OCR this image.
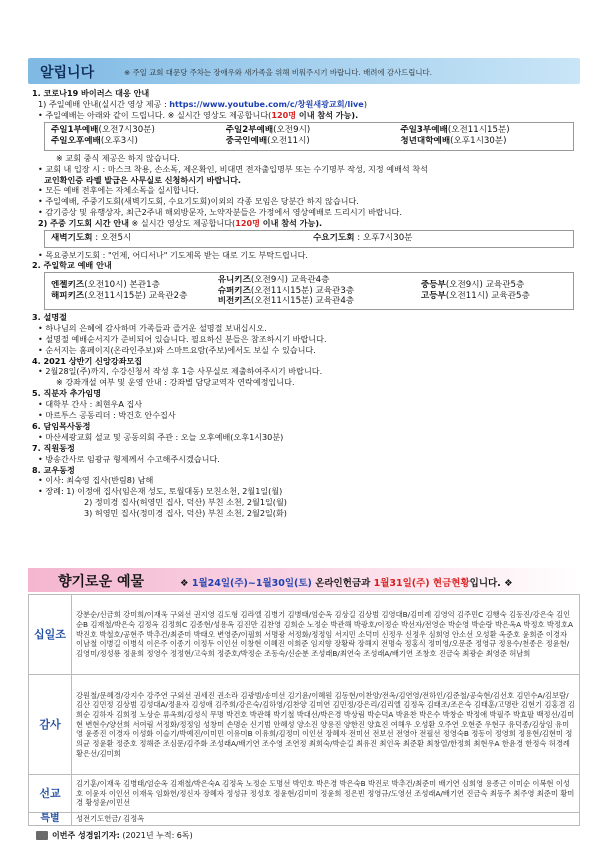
알립니다	※ 주일 교회 대문당 주차는 장애우와 새가족을 위해 비워주시기 바랍니다. 배려에 감사드립니다.
1. 코로나19 바이러스 대응 안내
1) 주일예배 안내(실시간 영상 제공 : https://www.youtube.com/c/창원새광교회/live)
• 주일예배는 아래와 같이 드립니다. ※ 실시간 영상도 제공합니다(120명 이내 참석 가능).
주일1부예배(오전7시30분)	주일2부예배(오전9시)	주일3부예배(오전11시15분)
주일오후예배(오후3시)	중국인예배(오전11시)	청년대학예배(오후1시30분)
※ 교회 중식 제공은 하지 않습니다.
• 교회 내 입장 시 : 마스크 착용, 손소독, 제온확인, 비대면 전자출입명부 또는 수기명부 작성, 지정 예배석 착석
교인확인증 라벨 발급은 사무실로 신청하시기 바랍니다.
• 모든 예배 전후에는 자체소독을 실시합니다.
• 주일예배, 주중기도회(새벽기도회, 수요기도회)이외의 각종 모임은 당분간 하지 않습니다.
• 감기증상 및 유행상자, 최근2주내 해외방문자, 노약자분들은 가정에서 영상예배로 드리시기 바랍니다.
2) 주중 기도회 시간 안내 ※ 실시간 영상도 제공합니다(120명 이내 참석 가능).
새벽기도회 : 오전5시	수요기도회 : 오후7시30분
• 목요중보기도회 : "언제, 어디서나" 기도제목 받는 대로 기도 부탁드립니다.
2. 주일학교 예배 안내
엔젤키즈(오전10시) 본관1층
해피키즈(오전11시15분) 교육관2층
유니키즈(오전9시) 교육관4층
슈퍼키즈(오전11시15분) 교육관3층
비전키즈(오전11시15분) 교육관4층
중등부(오전9시) 교육관5층
고등부(오전11시) 교육관5층
3. 설명절
• 하나님의 은혜에 감사하며 가족들과 즐거운 설명절 보내십시오.
• 설명절 예배순서지가 준비되어 있습니다. 필요하신 분들은 참조하시기 바랍니다.
• 순서지는 홈페이지(온라인주보)와 스마트요람(주보)에서도 보실 수 있습니다.
4. 2021 상반기 신앙강좌모집
• 2월28일(주)까지, 수강신청서 작성 후 1층 사무실로 제출하여주시기 바랍니다.
※ 강좌개설 여부 및 운영 안내 : 강좌별 담당교역자 연락예정입니다.
5. 직분자 추가임명
• 대학부 간사 : 최현우A 집사
• 마르투스 공동리더 : 박건호 안수집사
6. 담임목사동정
• 마산세광교회 설교 및 공동의회 주관 : 오늘 오후예배(오후1시30분)
7. 직원동정
• 방송간사로 임광규 형제께서 수고해주시겠습니다.
8. 교우동정
• 이사: 최숙영 집사(반림8) 남해
• 장례: 1) 이정애 집사(임은재 성도, 토월대동) 모친소천, 2월1일(월)
2) 정미경 집사(허영민 집사, 덕산) 부친 소천, 2월1일(월)
3) 허영민 집사(정미경 집사, 덕산) 부친 소천, 2월2일(화)
향기로운 예물	❖ 1월24일(주)~1월30일(토) 온라인헌금과 1월31일(주) 현금현황입니다. ❖
십일조	강분순/신금희 강미희/이재욱 구외선 권지영 김도형 김라엘 김병기 김병태/엄순옥 김상길 김상범 김영대B/김미례 김영익 김주민C 김행숙 김동진/강은숙 김인순B 김재철/박은숙 김정옥 김정희C 김종현/성용옥 김진만 김찬영 김희순 노정순 박관해 박광호/이정순 박선자/전영순 박순영 박순랑 박은옥A 박정호 박정호A 박진호 박철호/공현주 박추건/최준미 박태오 변영준/이필희 서명광 서정화/정정임 서지민 소덕미 신정우 신정우 심희영 안소선 오성환 옥준호 윤희준 이경자 이남철 이병길 이병석 이은주 이종기 이정두 이인선 이창현 이혜진 이희준 임지향 장황락 장해지 전명숙 정홍식 정미영/오문준 정영규 정용수/천종은 정윤현/김영미/정성룡 정윤희 정영수 정정현/고숙희 정준호/박정순 조동숙/신순분 조성래B/최연숙 조성래A/배기연 조창호 진금숙 최광순 최영준 허남희
감사	강원철/문혜경/강지수 강주연 구외선 권세진 권소라 김광범/송미선 김기윤/이혜원 김동현/이찬양/전옥/김연영/전하인/김준철/공숙현/김선호 김민수A/김보람/김산 김민정 김상범 김성대A/정윤자 김성애 김주희/강은숙/김하영/김찬양 김미연 김민정/강은리/김리엘 김정옥 김태조/조은숙 김태훈/고명란 김현기 김홍겸 김희순 김하자 김희정 노상순 류옥희/김성식 무명 박건호 박관해 박기철 박대선/박은경 박상림 박순덕A 박윤찬 박은수 박창순 박정애 박필주 박효팔 백정선/김미현 변현수/양선희 서여림 서정화/정정임 성창미 손명순 신기범 안혜성 양소진 양용진 양한진 양효진 여해우 오성환 오주연 오현준 우현구 유덕종/김상임 유미영 윤종진 이경자 이성화 이슬기/박예진/이미민 이유미B 이유희/김정미 이인선 장혜자 전미선 전보선 전영아 전필선 정영숙B 정동이 정영희 정용현/김현미 정의균 정윤환 정준호 정해준 조심문/김주화 조성래A/배기연 조수영 조연정 최희숙/박순길 최유진 최인옥 최준환 최창열/한정희 최현우A 한윤경 한정숙 허경례 황은선/김미희
선교	김기훈/이재욱 김병태/엄순옥 김재철/박은숙A 김정옥 노정순 도명선 박민호 박은경 박은숙B 박진로 박추건/최준미 배기연 심희영 용종근 이미순 이복현 이성호 이윤자 이인선 이재욱 임화헌/정신자 장혜자 정성규 정성호 정윤현/김미미 정윤희 정은빈 정영규/도영선 조성래A/배기연 진금숙 최동주 최주영 최준미 황미경 황성윤/이민선
특별	성전기도헌금/ 김정옥
이번주 성경읽기자: (2021년 누적: 6독)
